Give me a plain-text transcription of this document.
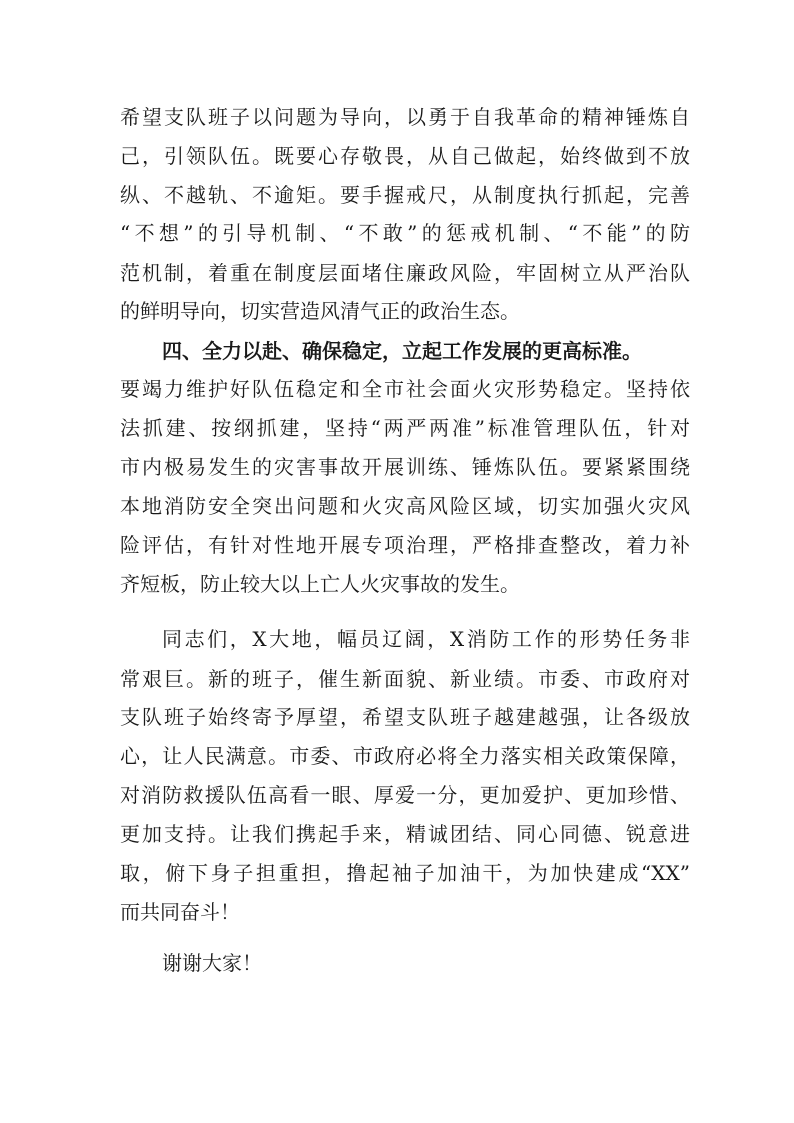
希望支队班子以问题为导向，以勇于自我革命的精神锤炼自
己，引领队伍。既要心存敬畏，从自己做起，始终做到不放
纵、不越轨、不逾矩。要手握戒尺，从制度执行抓起，完善
“不想”的引导机制、“不敢”的惩戒机制、“不能”的防
范机制，着重在制度层面堵住廉政风险，牢固树立从严治队
的鲜明导向，切实营造风清气正的政治生态。
四、全力以赴、确保稳定，立起工作发展的更高标准。
要竭力维护好队伍稳定和全市社会面火灾形势稳定。坚持依
法抓建、按纲抓建，坚持“两严两准”标准管理队伍，针对
市内极易发生的灾害事故开展训练、锤炼队伍。要紧紧围绕
本地消防安全突出问题和火灾高风险区域，切实加强火灾风
险评估，有针对性地开展专项治理，严格排查整改，着力补
齐短板，防止较大以上亡人火灾事故的发生。
同志们，X大地，幅员辽阔，X消防工作的形势任务非
常艰巨。新的班子，催生新面貌、新业绩。市委、市政府对
支队班子始终寄予厚望，希望支队班子越建越强，让各级放
心，让人民满意。市委、市政府必将全力落实相关政策保障，
对消防救援队伍高看一眼、厚爱一分，更加爱护、更加珍惜、
更加支持。让我们携起手来，精诚团结、同心同德、锐意进
取，俯下身子担重担，撸起袖子加油干，为加快建成“XX”
而共同奋斗！
谢谢大家！
